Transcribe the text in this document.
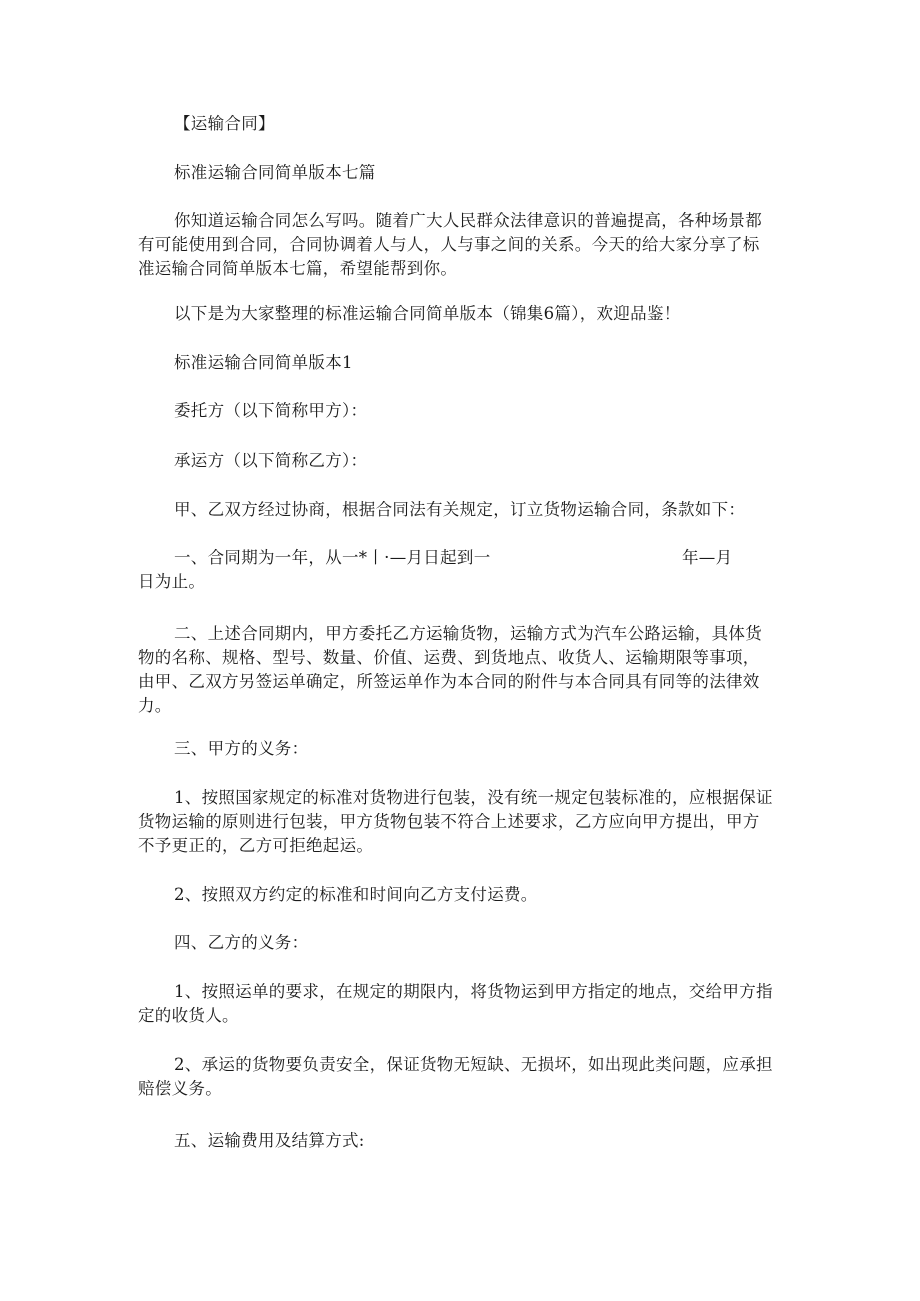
【运输合同】

标准运输合同简单版本七篇

你知道运输合同怎么写吗。随着广大人民群众法律意识的普遍提高，各种场景都
有可能使用到合同，合同协调着人与人，人与事之间的关系。今天的给大家分享了标
准运输合同简单版本七篇，希望能帮到你。

以下是为大家整理的标准运输合同简单版本（锦集6篇），欢迎品鉴！

标准运输合同简单版本1

委托方（以下简称甲方）：

承运方（以下简称乙方）：

甲、乙双方经过协商，根据合同法有关规定，订立货物运输合同，条款如下：

一、合同期为一年，从一*丨·—月日起到一	年—月
日为止。

二、上述合同期内，甲方委托乙方运输货物，运输方式为汽车公路运输，具体货
物的名称、规格、型号、数量、价值、运费、到货地点、收货人、运输期限等事项，
由甲、乙双方另签运单确定，所签运单作为本合同的附件与本合同具有同等的法律效
力。

三、甲方的义务：

1、按照国家规定的标准对货物进行包装，没有统一规定包装标准的，应根据保证
货物运输的原则进行包装，甲方货物包装不符合上述要求，乙方应向甲方提出，甲方
不予更正的，乙方可拒绝起运。

2、按照双方约定的标准和时间向乙方支付运费。

四、乙方的义务：

1、按照运单的要求，在规定的期限内，将货物运到甲方指定的地点，交给甲方指
定的收货人。

2、承运的货物要负责安全，保证货物无短缺、无损坏，如出现此类问题，应承担
赔偿义务。

五、运输费用及结算方式:
